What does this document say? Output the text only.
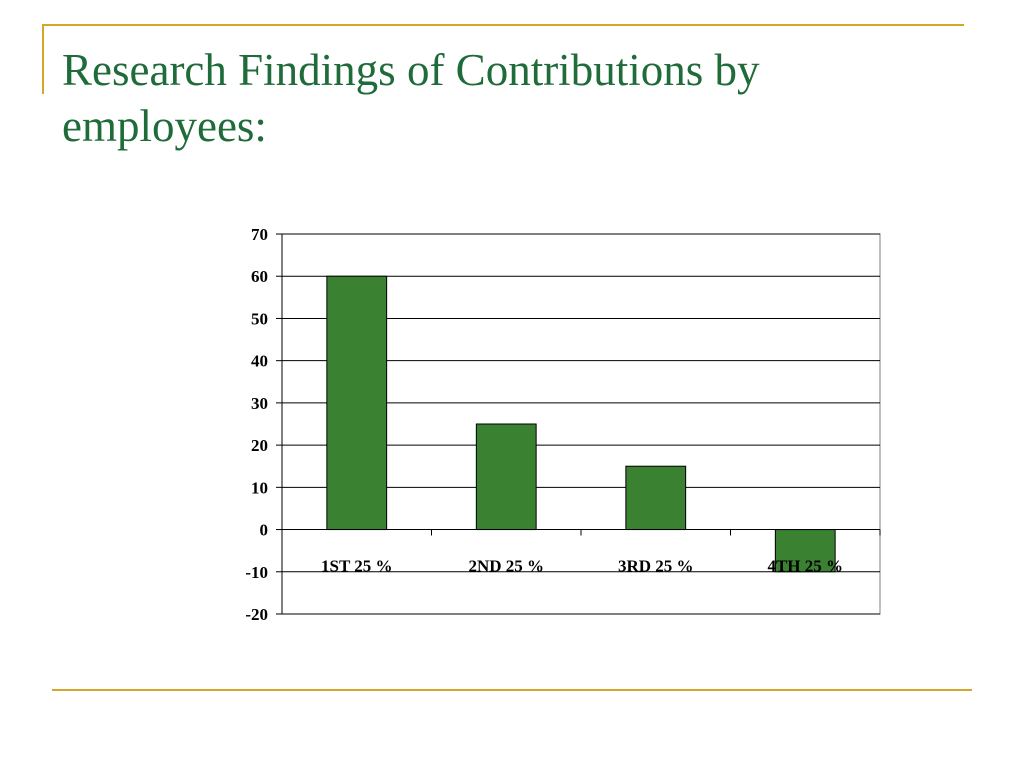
Research Findings of Contributions by employees:
70
60
50
40
30
20
10
0
-10
-20
1ST 25 %	2ND 25 %	3RD 25 %	4TH 25 %
